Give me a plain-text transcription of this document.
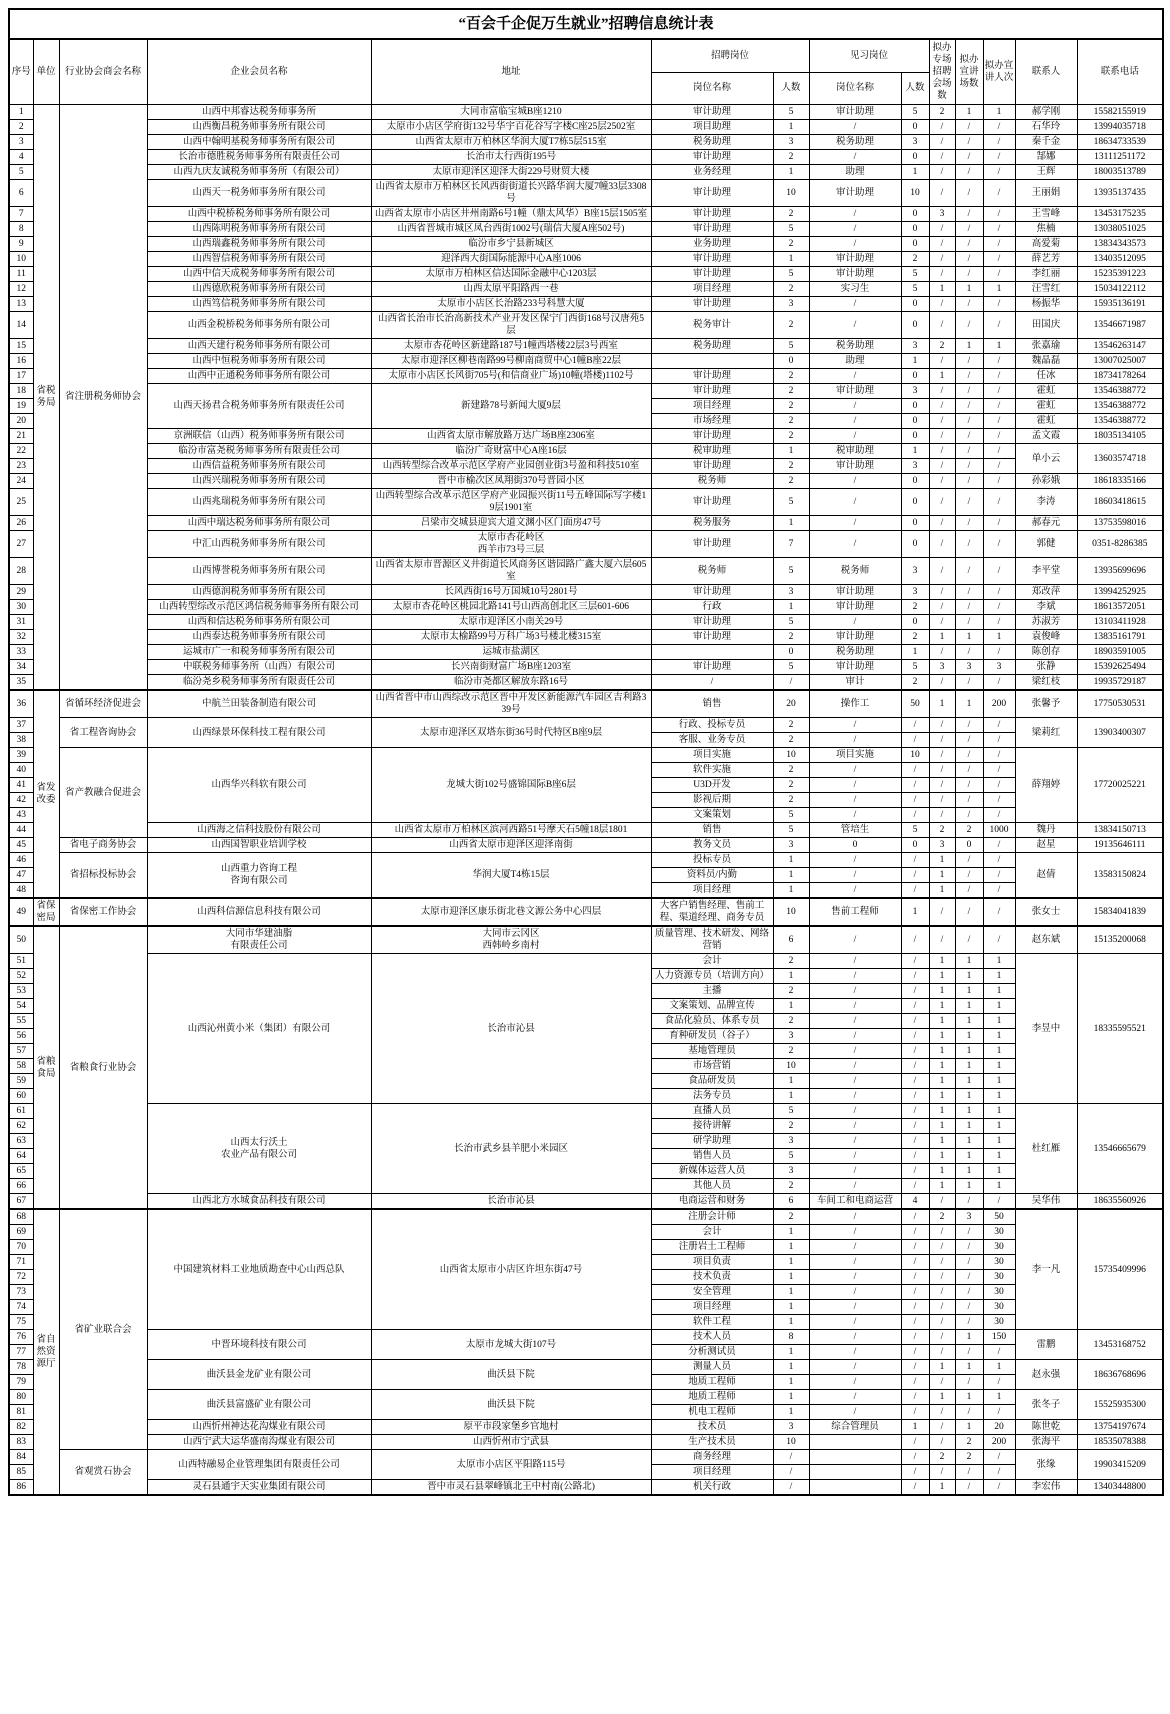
“百会千企促万生就业”招聘信息统计表													
序号	单位	行业协会商会名称	企业会员名称	地址	招聘岗位		见习岗位		拟办专场招聘会场数	拟办宣讲场数	拟办宣讲人次	联系人	联系电话
					岗位名称	人数	岗位名称	人数					
1	省税务局	省注册税务师协会	山西中邦睿达税务师事务所	大同市富临宝城B座1210	审计助理	5	审计助理	5	2	1	1	郝学刚	15582155919
2			山西衡昌税务师事务所有限公司	太原市小店区学府街132号华宇百花谷写字楼C座25层2502室	项目助理	1	/	0	/	/	/	石华玲	13994035718
3			山西中翰明基税务师事务所有限公司	山西省太原市万柏林区华润大厦T7栋5层515室	税务助理	3	税务助理	3	/	/	/	秦千金	18634733539
4			长治市德胜税务师事务所有限责任公司	长治市太行西街195号	审计助理	2	/	0	/	/	/	郜娜	13111251172
5			山西九庆友诚税务师事务所（有限公司）	太原市迎泽区迎泽大街229号财贸大楼	业务经理	1	助理	1	/	/	/	王辉	18003513789
6			山西天一税务师事务所有限公司	山西省太原市万柏林区长风西街街道长兴路华润大厦7幢33层3308号	审计助理	10	审计助理	10	/	/	/	王丽娟	13935137435
7			山西中税桥税务师事务所有限公司	山西省太原市小店区井州南路6号1幢（鼎太风华）B座15层1505室	审计助理	2	/	0	3	/	/	王雪峰	13453175235
8			山西陈明税务师事务所有限公司	山西省晋城市城区凤台西街1002号(瑞信大厦A座502号)	审计助理	5	/	0	/	/	/	焦楠	13038051025
9			山西瑞鑫税务师事务所有限公司	临汾市乡宁县新城区	业务助理	2	/	0	/	/	/	高爱菊	13834343573
10			山西智信税务师事务所有限公司	迎泽西大街国际能源中心A座1006	审计助理	1	审计助理	2	/	/	/	薛艺芳	13403512095
11			山西中信天成税务师事务所有限公司	太原市万柏林区信达国际金融中心1203层	审计助理	5	审计助理	5	/	/	/	李红丽	15235391223
12			山西德欣税务师事务所有限公司	山西太原平阳路西一巷	项目经理	2	实习生	5	1	1	1	汪雪红	15034122112
13			山西笃信税务师事务所有限公司	太原市小店区长治路233号科慧大厦	审计助理	3	/	0	/	/	/	杨振华	15935136191
14			山西金税桥税务师事务所有限公司	山西省长治市长治高新技术产业开发区保宁门西街168号汉唐苑5层	税务审计	2	/	0	/	/	/	田国庆	13546671987
15			山西天建行税务师事务所有限公司	太原市杏花岭区新建路187号1幢西塔楼22层3号西室	税务助理	5	税务助理	3	2	1	1	张嘉瑜	13546263147
16			山西中恒税务师事务所有限公司	太原市迎泽区柳巷南路99号柳南商贸中心1幢B座22层		0	助理	1	/	/	/	魏晶磊	13007025007
17			山西中正通税务师事务所有限公司	太原市小店区长风街705号(和信商业广场)10幢(塔楼)1102号	审计助理	2	/	0	1	/	/	任冰	18734178264
18			山西天扬君合税务师事务所有限责任公司	新建路78号新闻大厦9层	审计助理	2	审计助理	3	/	/	/	霍虹	13546388772
19					项目经理	2	/	0	/	/	/	霍虹	13546388772
20					市场经理	2	/	0	/	/	/	霍虹	13546388772
21			京洲联信（山西）税务师事务所有限公司	山西省太原市解放路万达广场B座2306室	审计助理	2	/	0	/	/	/	孟文霞	18035134105
22			临汾市富尧税务师事务所有限责任公司	临汾广奇财富中心A座16层	税审助理	1	税审助理	1	/	/	/	单小云	13603574718
23			山西信益税务师事务所有限公司	山西转型综合改革示范区学府产业园创业街3号盈和科技510室	审计助理	2	审计助理	3	/	/	/		
24			山西兴瑞税务师事务所有限公司	晋中市榆次区凤翔街370号晋园小区	税务师	2	/	0	/	/	/	孙彩娥	18618335166
25			山西兆瑞税务师事务所有限公司	山西转型综合改革示范区学府产业园振兴街11号五峰国际写字楼19层1901室	审计助理	5	/	0	/	/	/	李涛	18603418615
26			山西中瑞达税务师事务所有限公司	吕梁市交城县迎宾大道文渊小区门面房47号	税务服务	1	/	0	/	/	/	郝春元	13753598016
27			中汇山西税务师事务所有限公司	太原市杏花岭区
西羊市73号三层	审计助理	7	/	0	/	/	/	郭健	0351-8286385
28			山西博誉税务师事务所有限公司	山西省太原市晋源区义井街道长风商务区谐园路广鑫大厦六层605室	税务师	5	税务师	3	/	/	/	李平堂	13935699696
29			山西德润税务师事务所有限公司	长风西街16号万国城10号2801号	审计助理	3	审计助理	3	/	/	/	郑改萍	13994252925
30			山西转型综改示范区鸿信税务师事务所有限公司	太原市杏花岭区桃园北路141号山西高创北区三层601-606	行政	1	审计助理	2	/	/	/	李斌	18613572051
31			山西和信达税务师事务所有限公司	太原市迎泽区小南关29号	审计助理	5	/	0	/	/	/	苏淑芳	13103411928
32			山西泰达税务师事务所有限公司	太原市太榆路99号万科广场3号楼北楼315室	审计助理	2	审计助理	2	1	1	1	袁俊峰	13835161791
33			运城市广一和税务师事务所有限公司	运城市盐湖区		0	税务助理	1	/	/	/	陈创存	18903591005
34			中联税务师事务所（山西）有限公司	长兴南街财富广场B座1203室	审计助理	5	审计助理	5	3	3	3	张静	15392625494
35			临汾尧乡税务师事务所有限责任公司	临汾市尧都区解放东路16号	/	/	审计	2	/	/	/	梁红枝	19935729187
36	省发改委	省循环经济促进会	中航兰田装备制造有限公司	山西省晋中市山西综改示范区晋中开发区新能源汽车园区吉利路339号	销售	20	操作工	50	1	1	200	张馨予	17750530531
37		省工程咨询协会	山西绿景环保科技工程有限公司	太原市迎泽区双塔东街36号时代特区B座9层	行政、投标专员	2	/	/	/	/	/	梁莉红	13903400307
38					客服、业务专员	2	/	/	/	/	/		
39		省产教融合促进会	山西华兴科软有限公司	龙城大街102号盛锦国际B座6层	项目实施	10	项目实施	10	/	/	/	薛翔婷	17720025221
40					软件实施	2	/	/	/	/	/		
41					U3D开发	2	/	/	/	/	/		
42					影视后期	2	/	/	/	/	/		
43					文案策划	5	/	/	/	/	/		
44			山西海之信科技股份有限公司	山西省太原市万柏林区滨河西路51号摩天石5幢18层1801	销售	5	管培生	5	2	2	1000	魏丹	13834150713
45		省电子商务协会	山西国智职业培训学校	山西省太原市迎泽区迎泽南街	教务文员	3	0	0	3	0	/	赵星	19135646111
46		省招标投标协会	山西重力咨询工程
咨询有限公司	华润大厦T4栋15层	投标专员	1	/	/	1	/	/	赵倩	13583150824
47					资料员/内勤	1	/	/	1	/	/		
48					项目经理	1	/	/	1	/	/		
49	省保密局	省保密工作协会	山西科信源信息科技有限公司	太原市迎泽区康乐街北巷文源公务中心四层	大客户销售经理、售前工程、渠道经理、商务专员	10	售前工程师	1	/	/	/	张女士	15834041839
50	省粮食局	省粮食行业协会	大同市华建油脂
有限责任公司	大同市云冈区
西韩岭乡南村	质量管理、技术研发、网络营销	6	/	/	/	/	/	赵东斌	15135200068
51			山西沁州黄小米（集团）有限公司	长治市沁县	会计	2	/	/	1	1	1	李昱中	18335595521
52					人力资源专员（培训方向）	1	/	/	1	1	1		
53					主播	2	/	/	1	1	1		
54					文案策划、品牌宣传	1	/	/	1	1	1		
55					食品化验员、体系专员	2	/	/	1	1	1		
56					育种研发员（谷子）	3	/	/	1	1	1		
57					基地管理员	2	/	/	1	1	1		
58					市场营销	10	/	/	1	1	1		
59					食品研发员	1	/	/	1	1	1		
60					法务专员	1	/	/	1	1	1		
61			山西太行沃土
农业产品有限公司	长治市武乡县羊肥小米园区	直播人员	5	/	/	1	1	1	杜红雁	13546665679
62					接待讲解	2	/	/	1	1	1		
63					研学助理	3	/	/	1	1	1		
64					销售人员	5	/	/	1	1	1		
65					新媒体运营人员	3	/	/	1	1	1		
66					其他人员	2	/	/	1	1	1		
67			山西北方水城食品科技有限公司	长治市沁县	电商运营和财务	6	车间工和电商运营	4	/	/	/	吴华伟	18635560926
68	省自然资源厅	省矿业联合会	中国建筑材料工业地质勘查中心山西总队	山西省太原市小店区许坦东街47号	注册会计师	2	/	/	2	3	50	李一凡	15735409996
69					会计	1	/	/	/	/	30		
70					注册岩土工程师	1	/	/	/	/	30		
71					项目负责	1	/	/	/	/	30		
72					技术负责	1	/	/	/	/	30		
73					安全管理	1	/	/	/	/	30		
74					项目经理	1	/	/	/	/	30		
75					软件工程	1	/	/	/	/	30		
76			中晋环境科技有限公司	太原市龙城大街107号	技术人员	8	/	/	/	1	150	雷鹏	13453168752
77					分析测试员	1	/	/	/	/	/		
78			曲沃县金龙矿业有限公司	曲沃县下院	测量人员	1	/	/	1	1	1	赵永强	18636768696
79					地质工程师	1	/	/	/	/	/		
80			曲沃县富盛矿业有限公司	曲沃县下院	地质工程师	1	/	/	1	1	1	张冬子	15525935300
81					机电工程师	1	/	/	/	/	/		
82			山西忻州神达花沟煤业有限公司	原平市段家堡乡官地村	技术员	3	综合管理员	1	/	1	20	陈世乾	13754197674
83			山西宁武大运华盛南沟煤业有限公司	山西忻州市宁武县	生产技术员	10		/	/	2	200	张海平	18535078388
84		省观赏石协会	山西特融易企业管理集团有限责任公司	太原市小店区平阳路115号	商务经理	/		/	2	2	/	张缘	19903415209
85					项目经理	/		/	/	/	/		
86			灵石县通宇天实业集团有限公司	晋中市灵石县翠峰镇北王中村南(公路北)	机关行政	/		/	1	/	/	李宏伟	13403448800
